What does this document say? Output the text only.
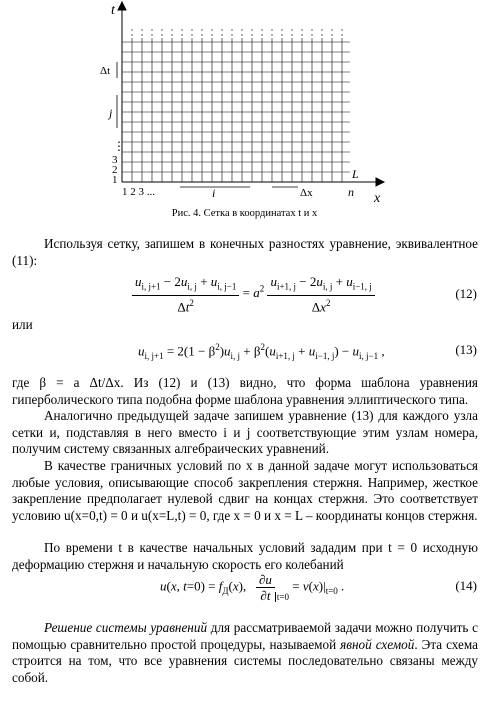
t
x
Δt
j
⋮
3
2
1
1 2 3 ...	i	Δx	n
L
Рис. 4. Сетка в координатах t и x
Используя сетку, запишем в конечных разностях уравнение, эквивалентное (11):
$\frac{u_{i, j+1} - 2u_{i, j} + u_{i, j-1}}{\Delta t^2} = a^2 \frac{u_{i+1, j} - 2u_{i, j} + u_{i-1, j}}{\Delta x^2}$	(12)
или
$u_{i, j+1} = 2(1 - \beta^2)u_{i, j} + \beta^2(u_{i+1, j} + u_{i-1, j}) - u_{i, j-1}$ ,	(13)
где β = a Δt/Δx. Из (12) и (13) видно, что форма шаблона уравнения гиперболического типа подобна форме шаблона уравнения эллиптического типа.
Аналогично предыдущей задаче запишем уравнение (13) для каждого узла сетки и, подставляя в него вместо i и j соответствующие этим узлам номера, получим систему связанных алгебраических уравнений.
В качестве граничных условий по x в данной задаче могут использоваться любые условия, описывающие способ закрепления стержня. Например, жесткое закрепление предполагает нулевой сдвиг на концах стержня. Это соответствует условию u(x=0,t) = 0 и u(x=L,t) = 0, где x = 0 и x = L – координаты концов стержня.
По времени t в качестве начальных условий зададим при t = 0 исходную деформацию стержня и начальную скорость его колебаний
u(x, $t=0) = f_Д(x)$, $\frac{\partial u}{\partial t} _{t=0} = v(x)|_{t=0}$ .	(14)
Решение системы уравнений для рассматриваемой задачи можно получить с помощью сравнительно простой процедуры, называемой явной схемой. Эта схема строится на том, что все уравнения системы последовательно связаны между собой.
